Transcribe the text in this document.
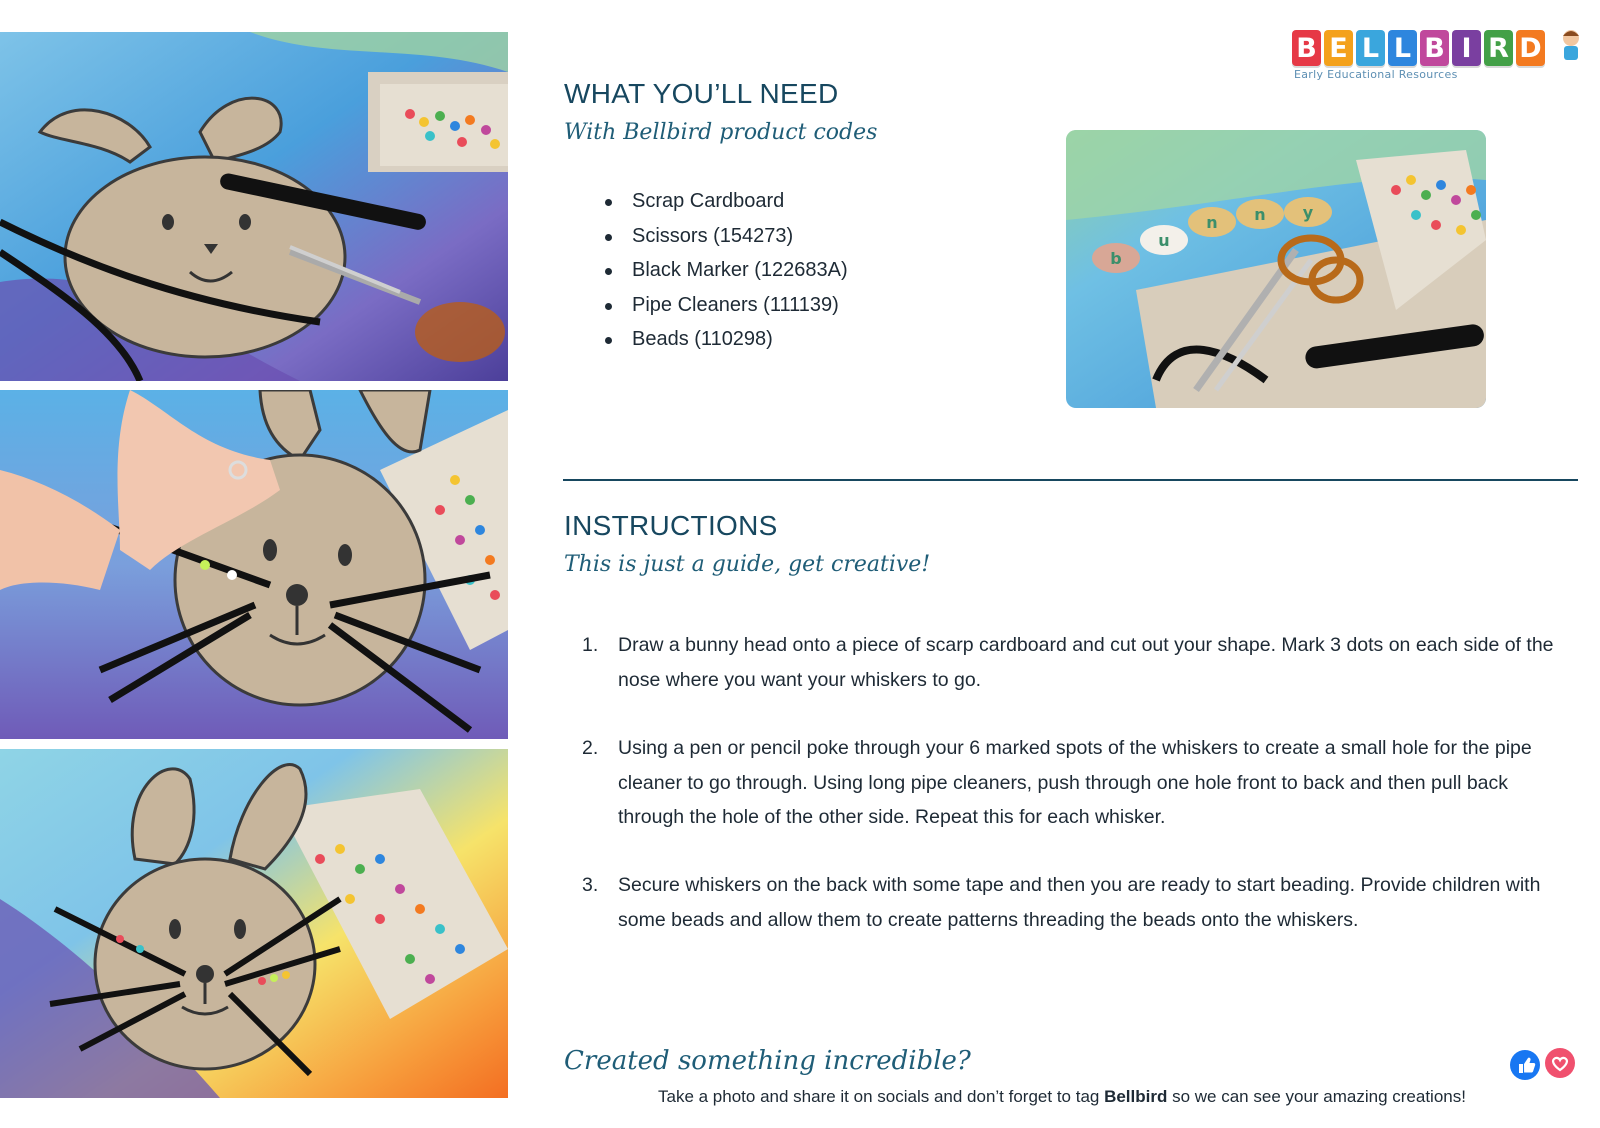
B E L L B I R D
Early Educational Resources
WHAT YOU’LL NEED
With Bellbird product codes
Scrap Cardboard
Scissors (154273)
Black Marker (122683A)
Pipe Cleaners (111139)
Beads (110298)
b
u
n n y
INSTRUCTIONS
This is just a guide, get creative!
1. Draw a bunny head onto a piece of scarp cardboard and cut out your shape. Mark 3 dots on each side of the nose where you want your whiskers to go.
2. Using a pen or pencil poke through your 6 marked spots of the whiskers to create a small hole for the pipe cleaner to go through. Using long pipe cleaners, push through one hole front to back and then pull back through the hole of the other side. Repeat this for each whisker.
3. Secure whiskers on the back with some tape and then you are ready to start beading. Provide children with some beads and allow them to create patterns threading the beads onto the whiskers.
Created something incredible?
Take a photo and share it on socials and don’t forget to tag Bellbird so we can see your amazing creations!
